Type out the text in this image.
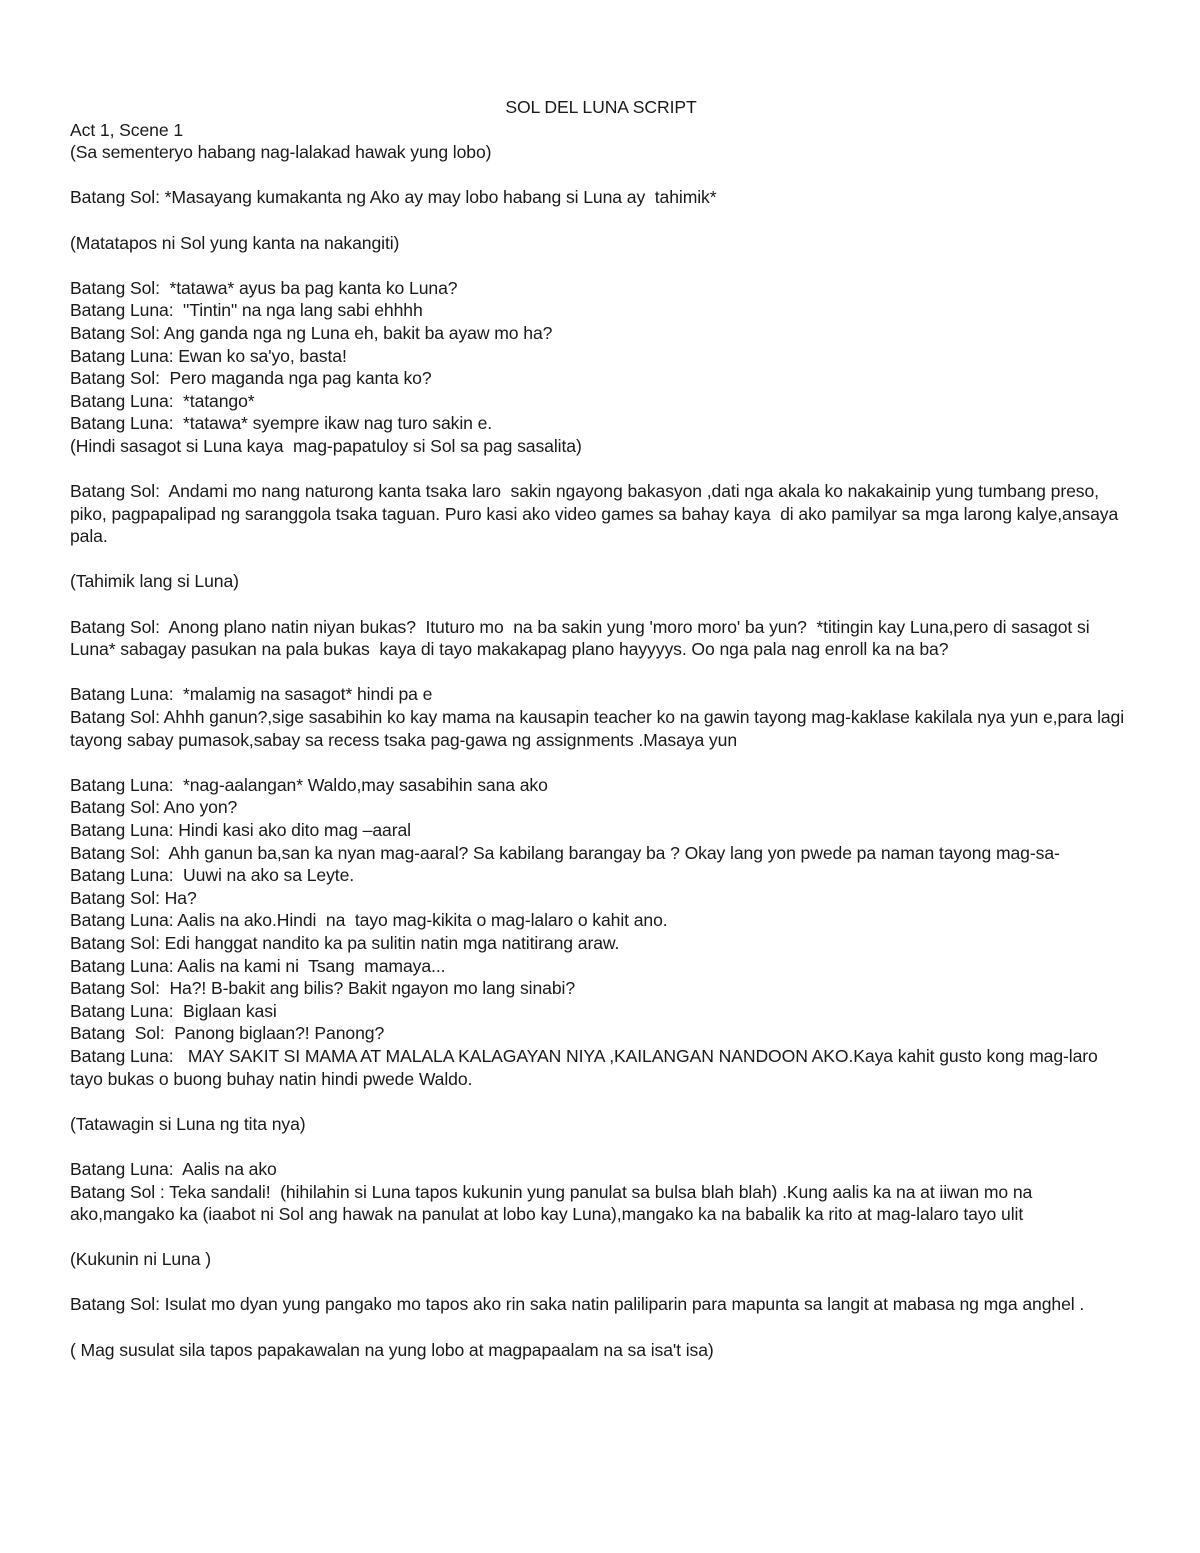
SOL DEL LUNA SCRIPT
Act 1, Scene 1
(Sa sementeryo habang nag-lalakad hawak yung lobo)
Batang Sol: *Masayang kumakanta ng Ako ay may lobo habang si Luna ay  tahimik*
(Matatapos ni Sol yung kanta na nakangiti)
Batang Sol:  *tatawa* ayus ba pag kanta ko Luna?
Batang Luna:  "Tintin" na nga lang sabi ehhhh
Batang Sol: Ang ganda nga ng Luna eh, bakit ba ayaw mo ha?
Batang Luna: Ewan ko sa'yo, basta!
Batang Sol:  Pero maganda nga pag kanta ko?
Batang Luna:  *tatango*
Batang Luna:  *tatawa* syempre ikaw nag turo sakin e.
(Hindi sasagot si Luna kaya  mag-papatuloy si Sol sa pag sasalita)
Batang Sol:  Andami mo nang naturong kanta tsaka laro  sakin ngayong bakasyon ,dati nga akala ko nakakainip yung tumbang preso, piko, pagpapalipad ng saranggola tsaka taguan. Puro kasi ako video games sa bahay kaya  di ako pamilyar sa mga larong kalye,ansaya pala.
(Tahimik lang si Luna)
Batang Sol:  Anong plano natin niyan bukas?  Ituturo mo  na ba sakin yung 'moro moro' ba yun?  *titingin kay Luna,pero di sasagot si Luna* sabagay pasukan na pala bukas  kaya di tayo makakapag plano hayyyys. Oo nga pala nag enroll ka na ba?
Batang Luna:  *malamig na sasagot* hindi pa e
Batang Sol: Ahhh ganun?,sige sasabihin ko kay mama na kausapin teacher ko na gawin tayong mag-kaklase kakilala nya yun e,para lagi  tayong sabay pumasok,sabay sa recess tsaka pag-gawa ng assignments .Masaya yun
Batang Luna:  *nag-aalangan* Waldo,may sasabihin sana ako
Batang Sol: Ano yon?
Batang Luna: Hindi kasi ako dito mag –aaral
Batang Sol:  Ahh ganun ba,san ka nyan mag-aaral? Sa kabilang barangay ba ? Okay lang yon pwede pa naman tayong mag-sa-
Batang Luna:  Uuwi na ako sa Leyte.
Batang Sol: Ha?
Batang Luna: Aalis na ako.Hindi  na  tayo mag-kikita o mag-lalaro o kahit ano.
Batang Sol: Edi hanggat nandito ka pa sulitin natin mga natitirang araw.
Batang Luna: Aalis na kami ni  Tsang  mamaya...
Batang Sol:  Ha?! B-bakit ang bilis? Bakit ngayon mo lang sinabi?
Batang Luna:  Biglaan kasi
Batang  Sol:  Panong biglaan?! Panong?
Batang Luna:   MAY SAKIT SI MAMA AT MALALA KALAGAYAN NIYA ,KAILANGAN NANDOON AKO.Kaya kahit gusto kong mag-laro tayo bukas o buong buhay natin hindi pwede Waldo.
(Tatawagin si Luna ng tita nya)
Batang Luna:  Aalis na ako
Batang Sol : Teka sandali!  (hihilahin si Luna tapos kukunin yung panulat sa bulsa blah blah) .Kung aalis ka na at iiwan mo na ako,mangako ka (iaabot ni Sol ang hawak na panulat at lobo kay Luna),mangako ka na babalik ka rito at mag-lalaro tayo ulit
(Kukunin ni Luna )
Batang Sol: Isulat mo dyan yung pangako mo tapos ako rin saka natin paliliparin para mapunta sa langit at mabasa ng mga anghel .
( Mag susulat sila tapos papakawalan na yung lobo at magpapaalam na sa isa't isa)
